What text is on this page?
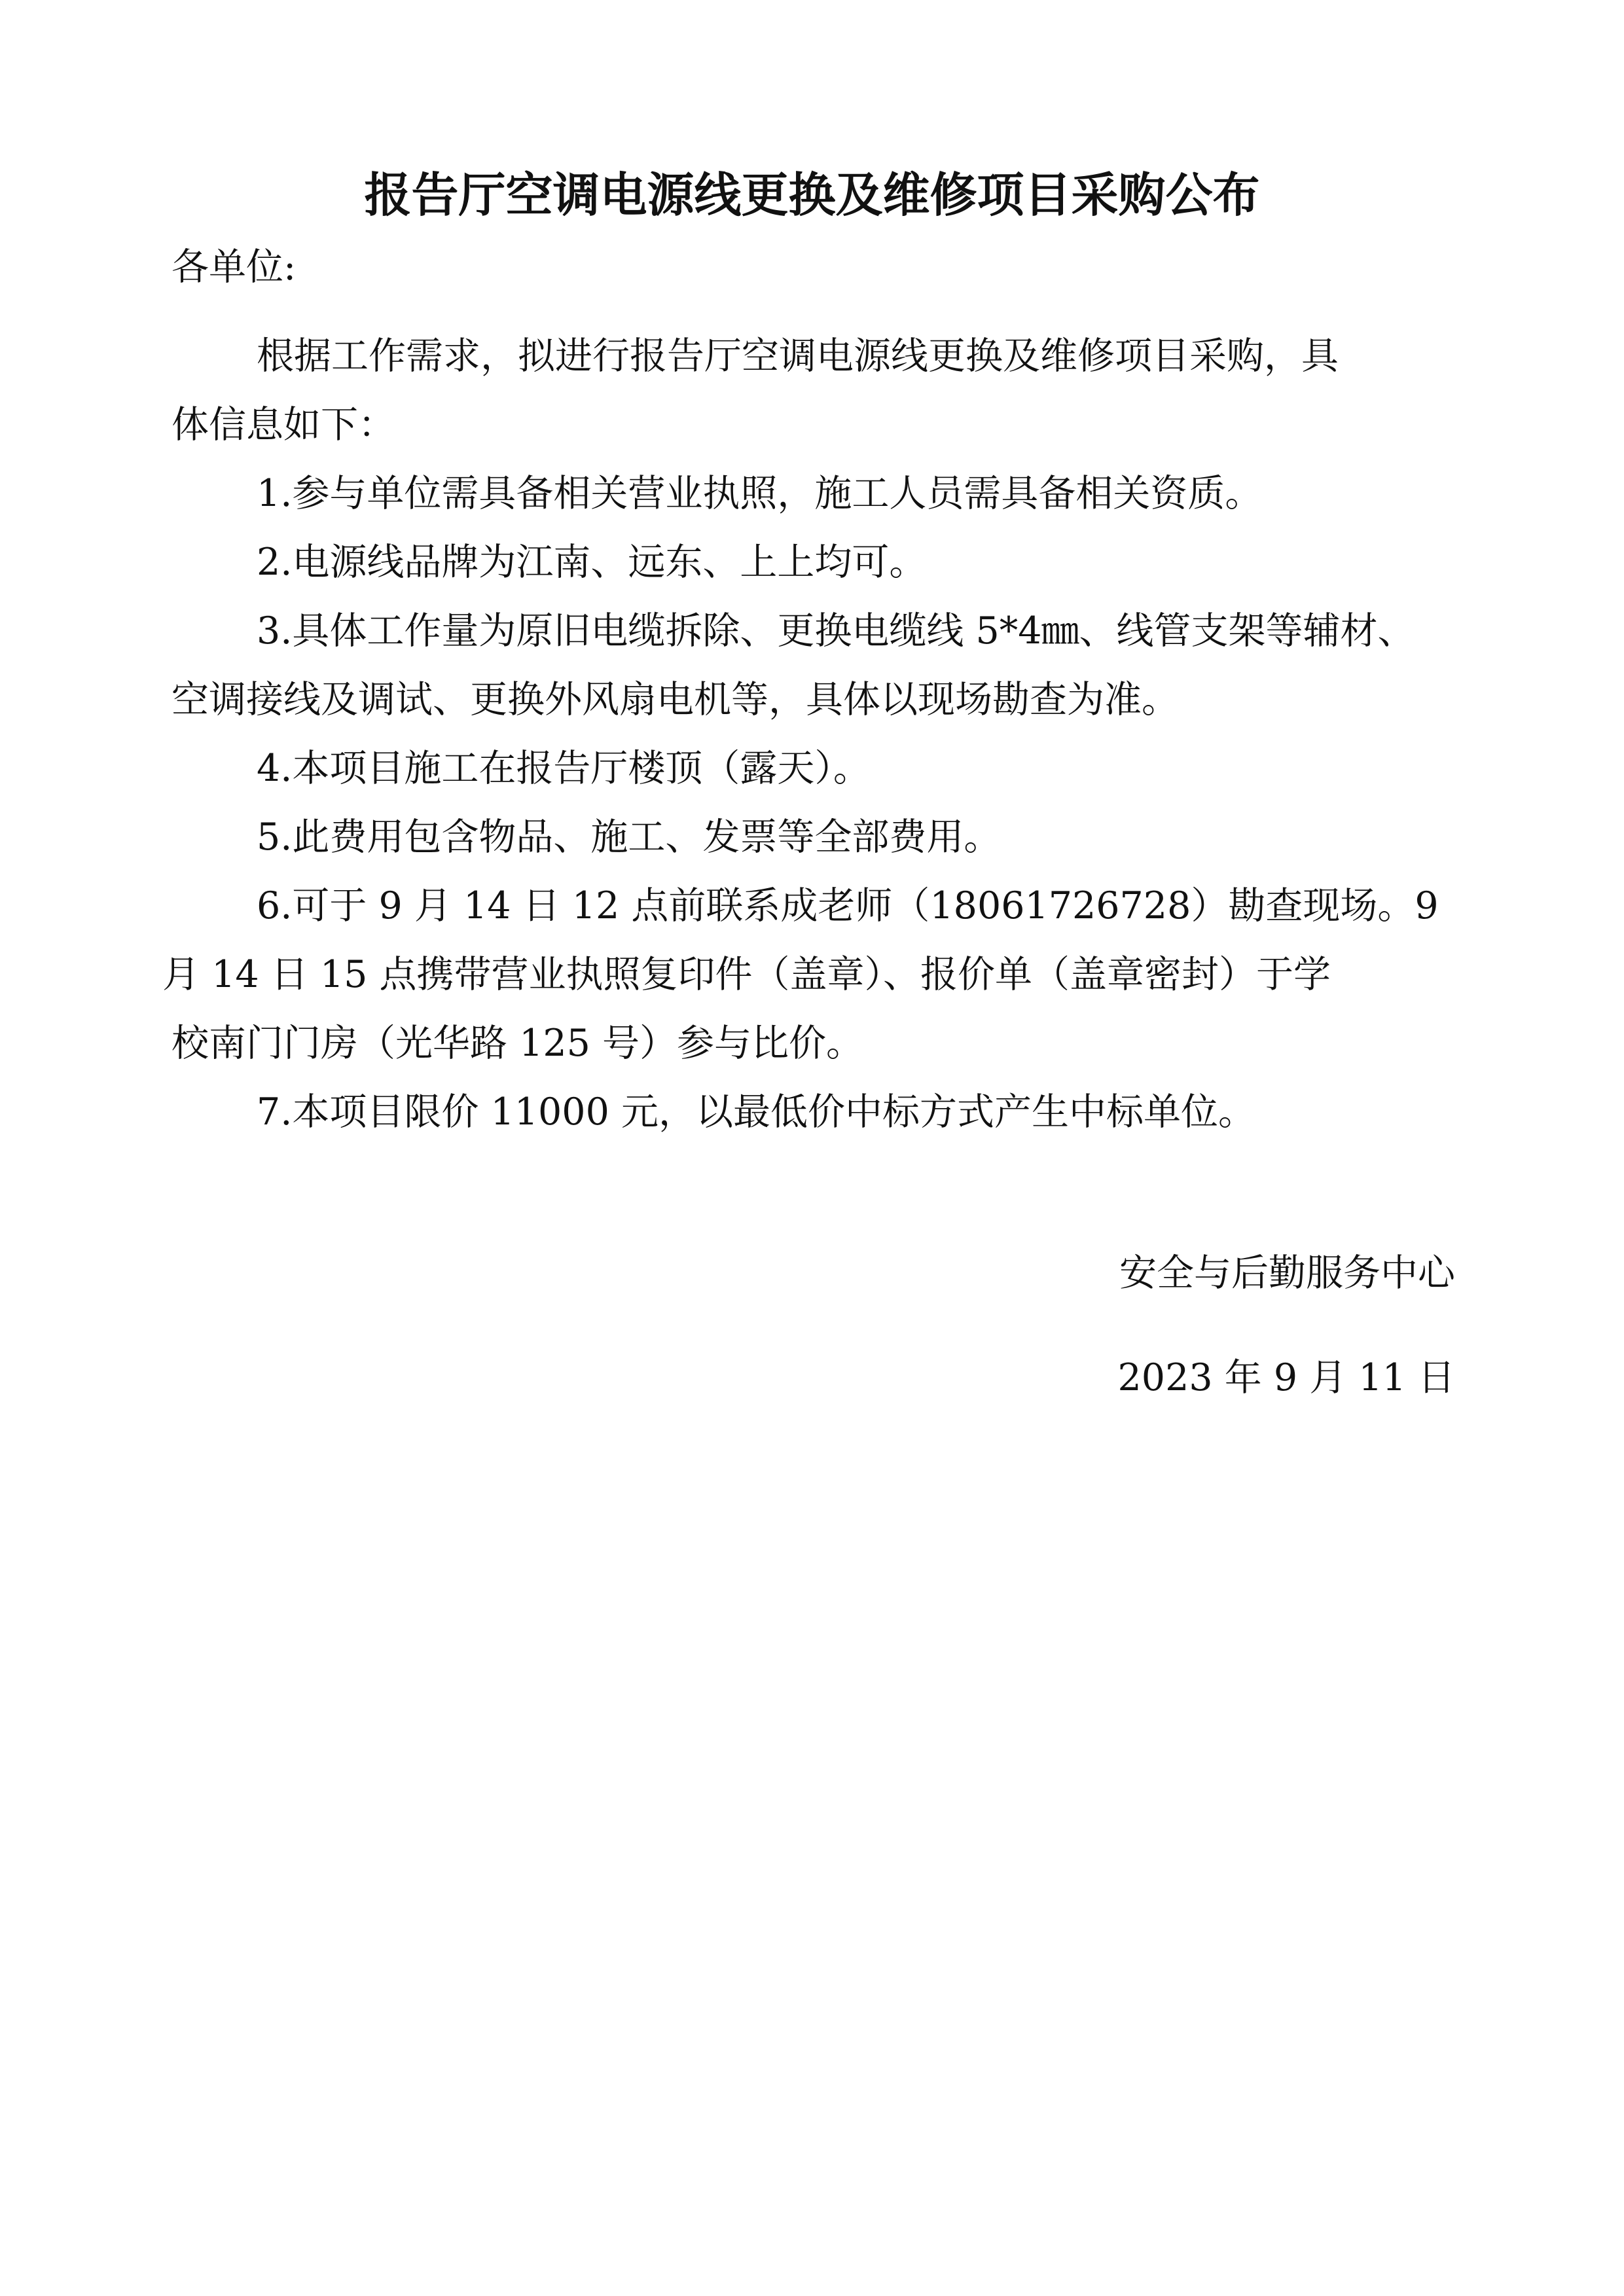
报告厅空调电源线更换及维修项目采购公布

各单位:

根据工作需求，拟进行报告厅空调电源线更换及维修项目采购，具
体信息如下：
1.参与单位需具备相关营业执照，施工人员需具备相关资质。
2.电源线品牌为江南、远东、上上均可。
3.具体工作量为原旧电缆拆除、更换电缆线 5*4㎜、线管支架等辅材、
空调接线及调试、更换外风扇电机等，具体以现场勘查为准。
4.本项目施工在报告厅楼顶（露天）。
5.此费用包含物品、施工、发票等全部费用。
6.可于 9 月 14 日 12 点前联系成老师（18061726728）勘查现场。9
月 14 日 15 点携带营业执照复印件（盖章）、报价单（盖章密封）于学
校南门门房（光华路 125 号）参与比价。
7.本项目限价 11000 元，以最低价中标方式产生中标单位。

安全与后勤服务中心

2023 年 9 月 11 日
